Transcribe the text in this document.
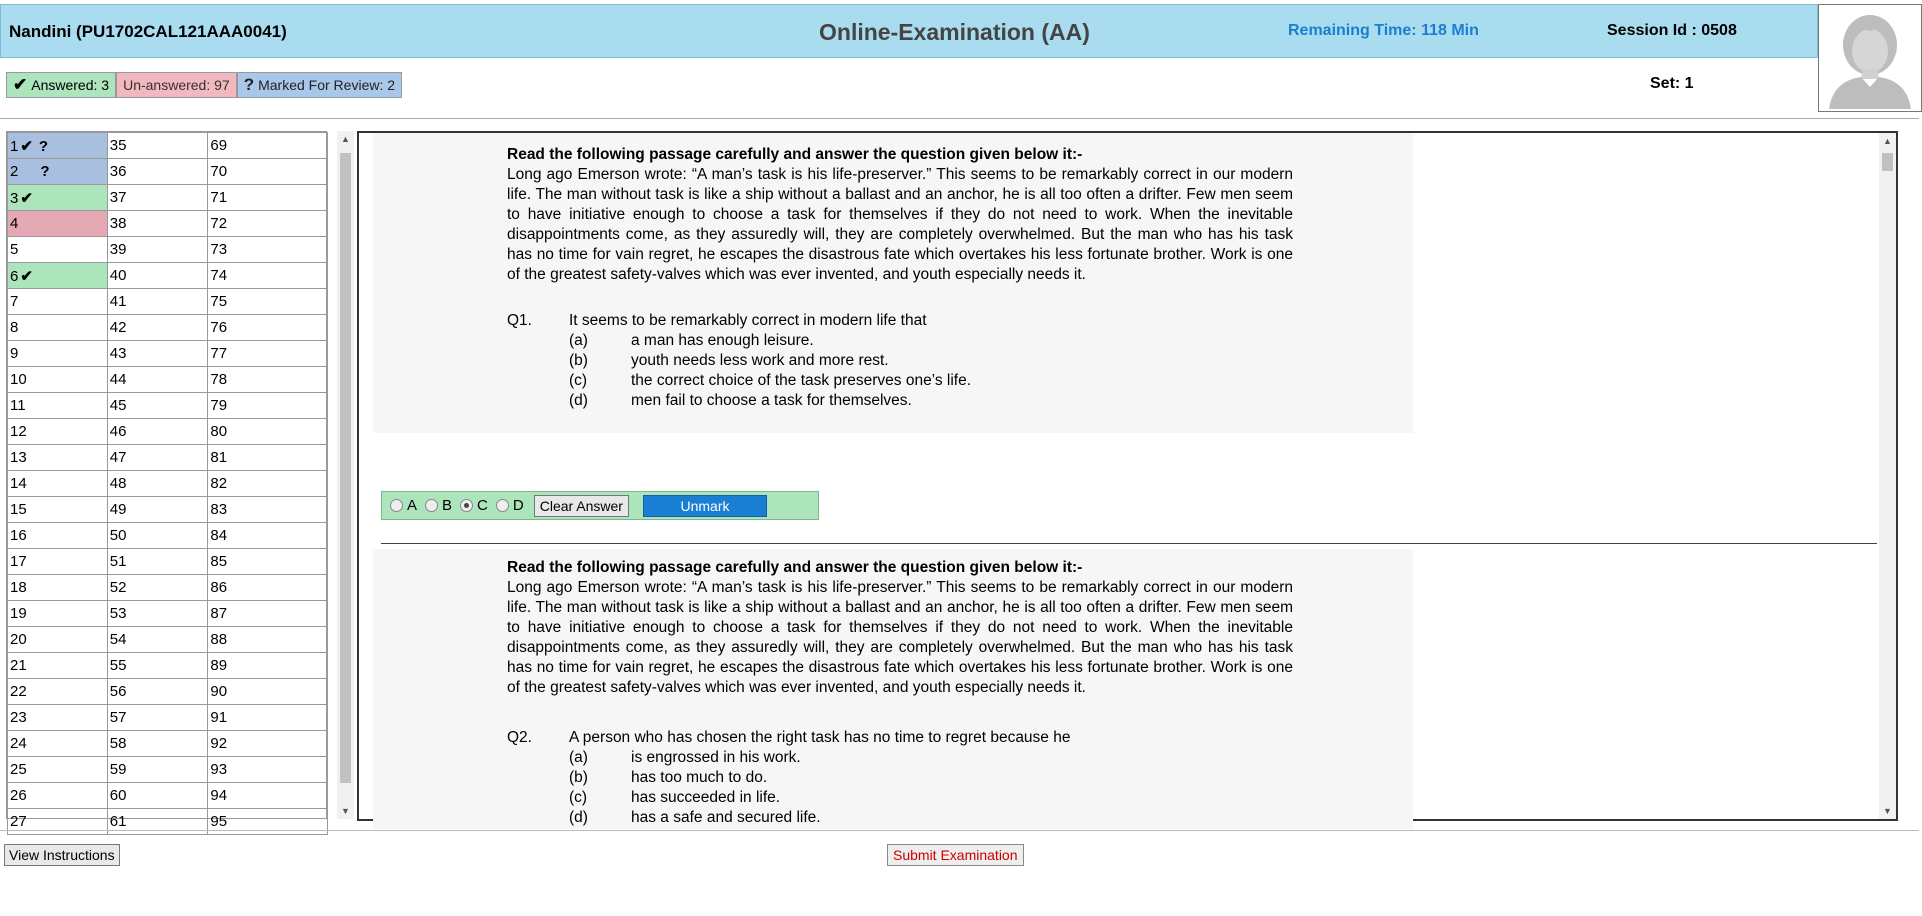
Nandini (PU1702CAL121AAA0041)	Online-Examination (AA)	Remaining Time: 118 Min	Session Id : 0508
✔ Answered: 3 Un-answered: 97 ? Marked For Review: 2	Set: 1
1 ✔ ?	35	69
2 ?	36	70
3 ✔	37	71
4	38	72
5	39	73
6 ✔	40	74
7	41	75
8	42	76
9	43	77
10	44	78
11	45	79
12	46	80
13	47	81
14	48	82
15	49	83
16	50	84
17	51	85
18	52	86
19	53	87
20	54	88
21	55	89
22	56	90
23	57	91
24	58	92
25	59	93
26	60	94
27	61	95
▲
▼
Read the following passage carefully and answer the question given below it:-
Long ago Emerson wrote: “A man’s task is his life-preserver.” This seems to be remarkably correct in our modern life. The man without task is like a ship without a ballast and an anchor, he is all too often a drifter. Few men seem to have initiative enough to choose a task for themselves if they do not need to work. When the inevitable disappointments come, as they assuredly will, they are completely overwhelmed. But the man who has his task has no time for vain regret, he escapes the disastrous fate which overtakes his less fortunate brother. Work is one of the greatest safety-valves which was ever invented, and youth especially needs it.
Q1. It seems to be remarkably correct in modern life that
(a)	a man has enough leisure.
(b)	youth needs less work and more rest.
(c)	the correct choice of the task preserves one’s life.
(d)	men fail to choose a task for themselves.
A B C D	Clear Answer	Unmark
Read the following passage carefully and answer the question given below it:-
Long ago Emerson wrote: “A man’s task is his life-preserver.” This seems to be remarkably correct in our modern life. The man without task is like a ship without a ballast and an anchor, he is all too often a drifter. Few men seem to have initiative enough to choose a task for themselves if they do not need to work. When the inevitable disappointments come, as they assuredly will, they are completely overwhelmed. But the man who has his task has no time for vain regret, he escapes the disastrous fate which overtakes his less fortunate brother. Work is one of the greatest safety-valves which was ever invented, and youth especially needs it.
Q2. A person who has chosen the right task has no time to regret because he
(a)	is engrossed in his work.
(b)	has too much to do.
(c)	has succeeded in life.
(d)	has a safe and secured life.
▲
▼
View Instructions	Submit Examination
